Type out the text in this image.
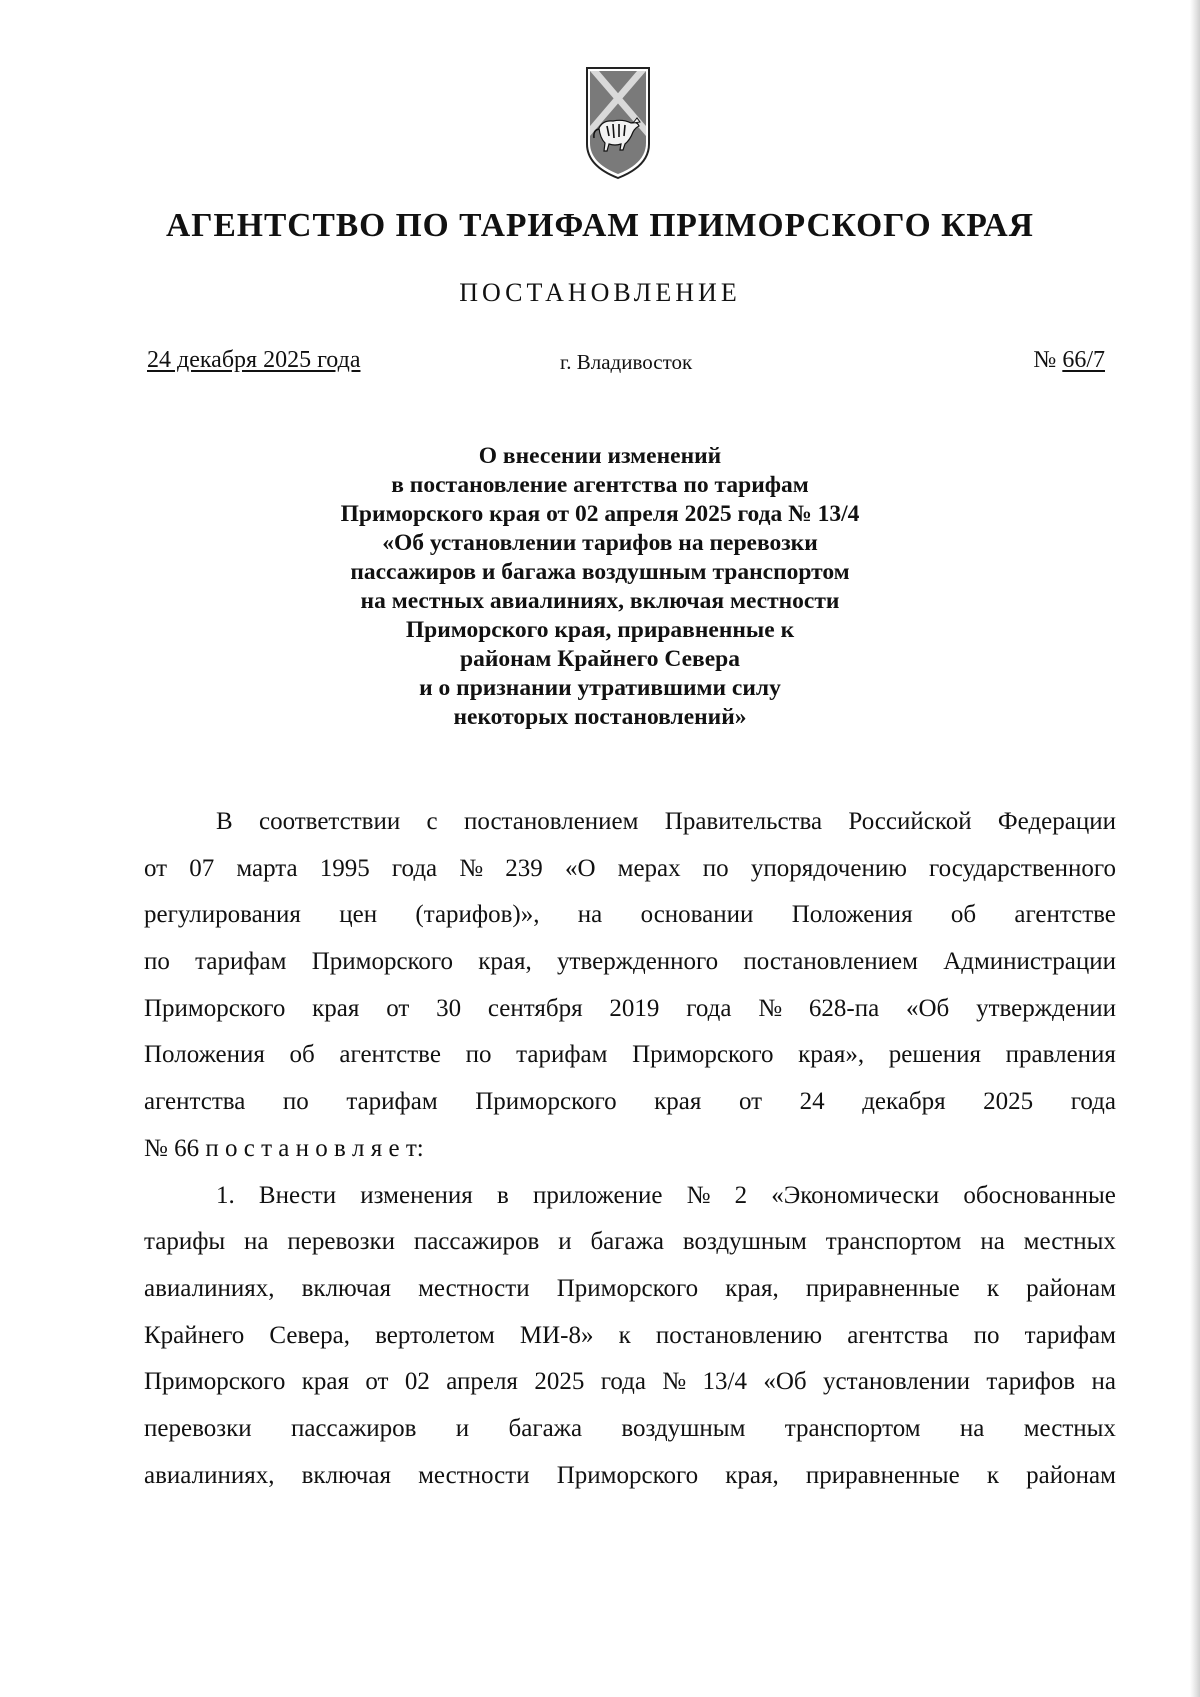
АГЕНТСТВО ПО ТАРИФАМ ПРИМОРСКОГО КРАЯ
ПОСТАНОВЛЕНИЕ
24 декабря 2025 года	г. Владивосток	№ 66/7
О внесении изменений
в постановление агентства по тарифам
Приморского края от 02 апреля 2025 года № 13/4
«Об установлении тарифов на перевозки
пассажиров и багажа воздушным транспортом
на местных авиалиниях, включая местности
Приморского края, приравненные к
районам Крайнего Севера
и о признании утратившими силу
некоторых постановлений»
В соответствии с постановлением Правительства Российской Федерации
от 07 марта 1995 года № 239 «О мерах по упорядочению государственного
регулирования цен (тарифов)», на основании Положения об агентстве
по тарифам Приморского края, утвержденного постановлением Администрации
Приморского края от 30 сентября 2019 года № 628-па «Об утверждении
Положения об агентстве по тарифам Приморского края», решения правления
агентства по тарифам Приморского края от 24 декабря 2025 года
№ 66 п о с т а н о в л я е т:
1. Внести изменения в приложение № 2 «Экономически обоснованные
тарифы на перевозки пассажиров и багажа воздушным транспортом на местных
авиалиниях, включая местности Приморского края, приравненные к районам
Крайнего Севера, вертолетом МИ-8» к постановлению агентства по тарифам
Приморского края от 02 апреля 2025 года № 13/4 «Об установлении тарифов на
перевозки пассажиров и багажа воздушным транспортом на местных
авиалиниях, включая местности Приморского края, приравненные к районам
